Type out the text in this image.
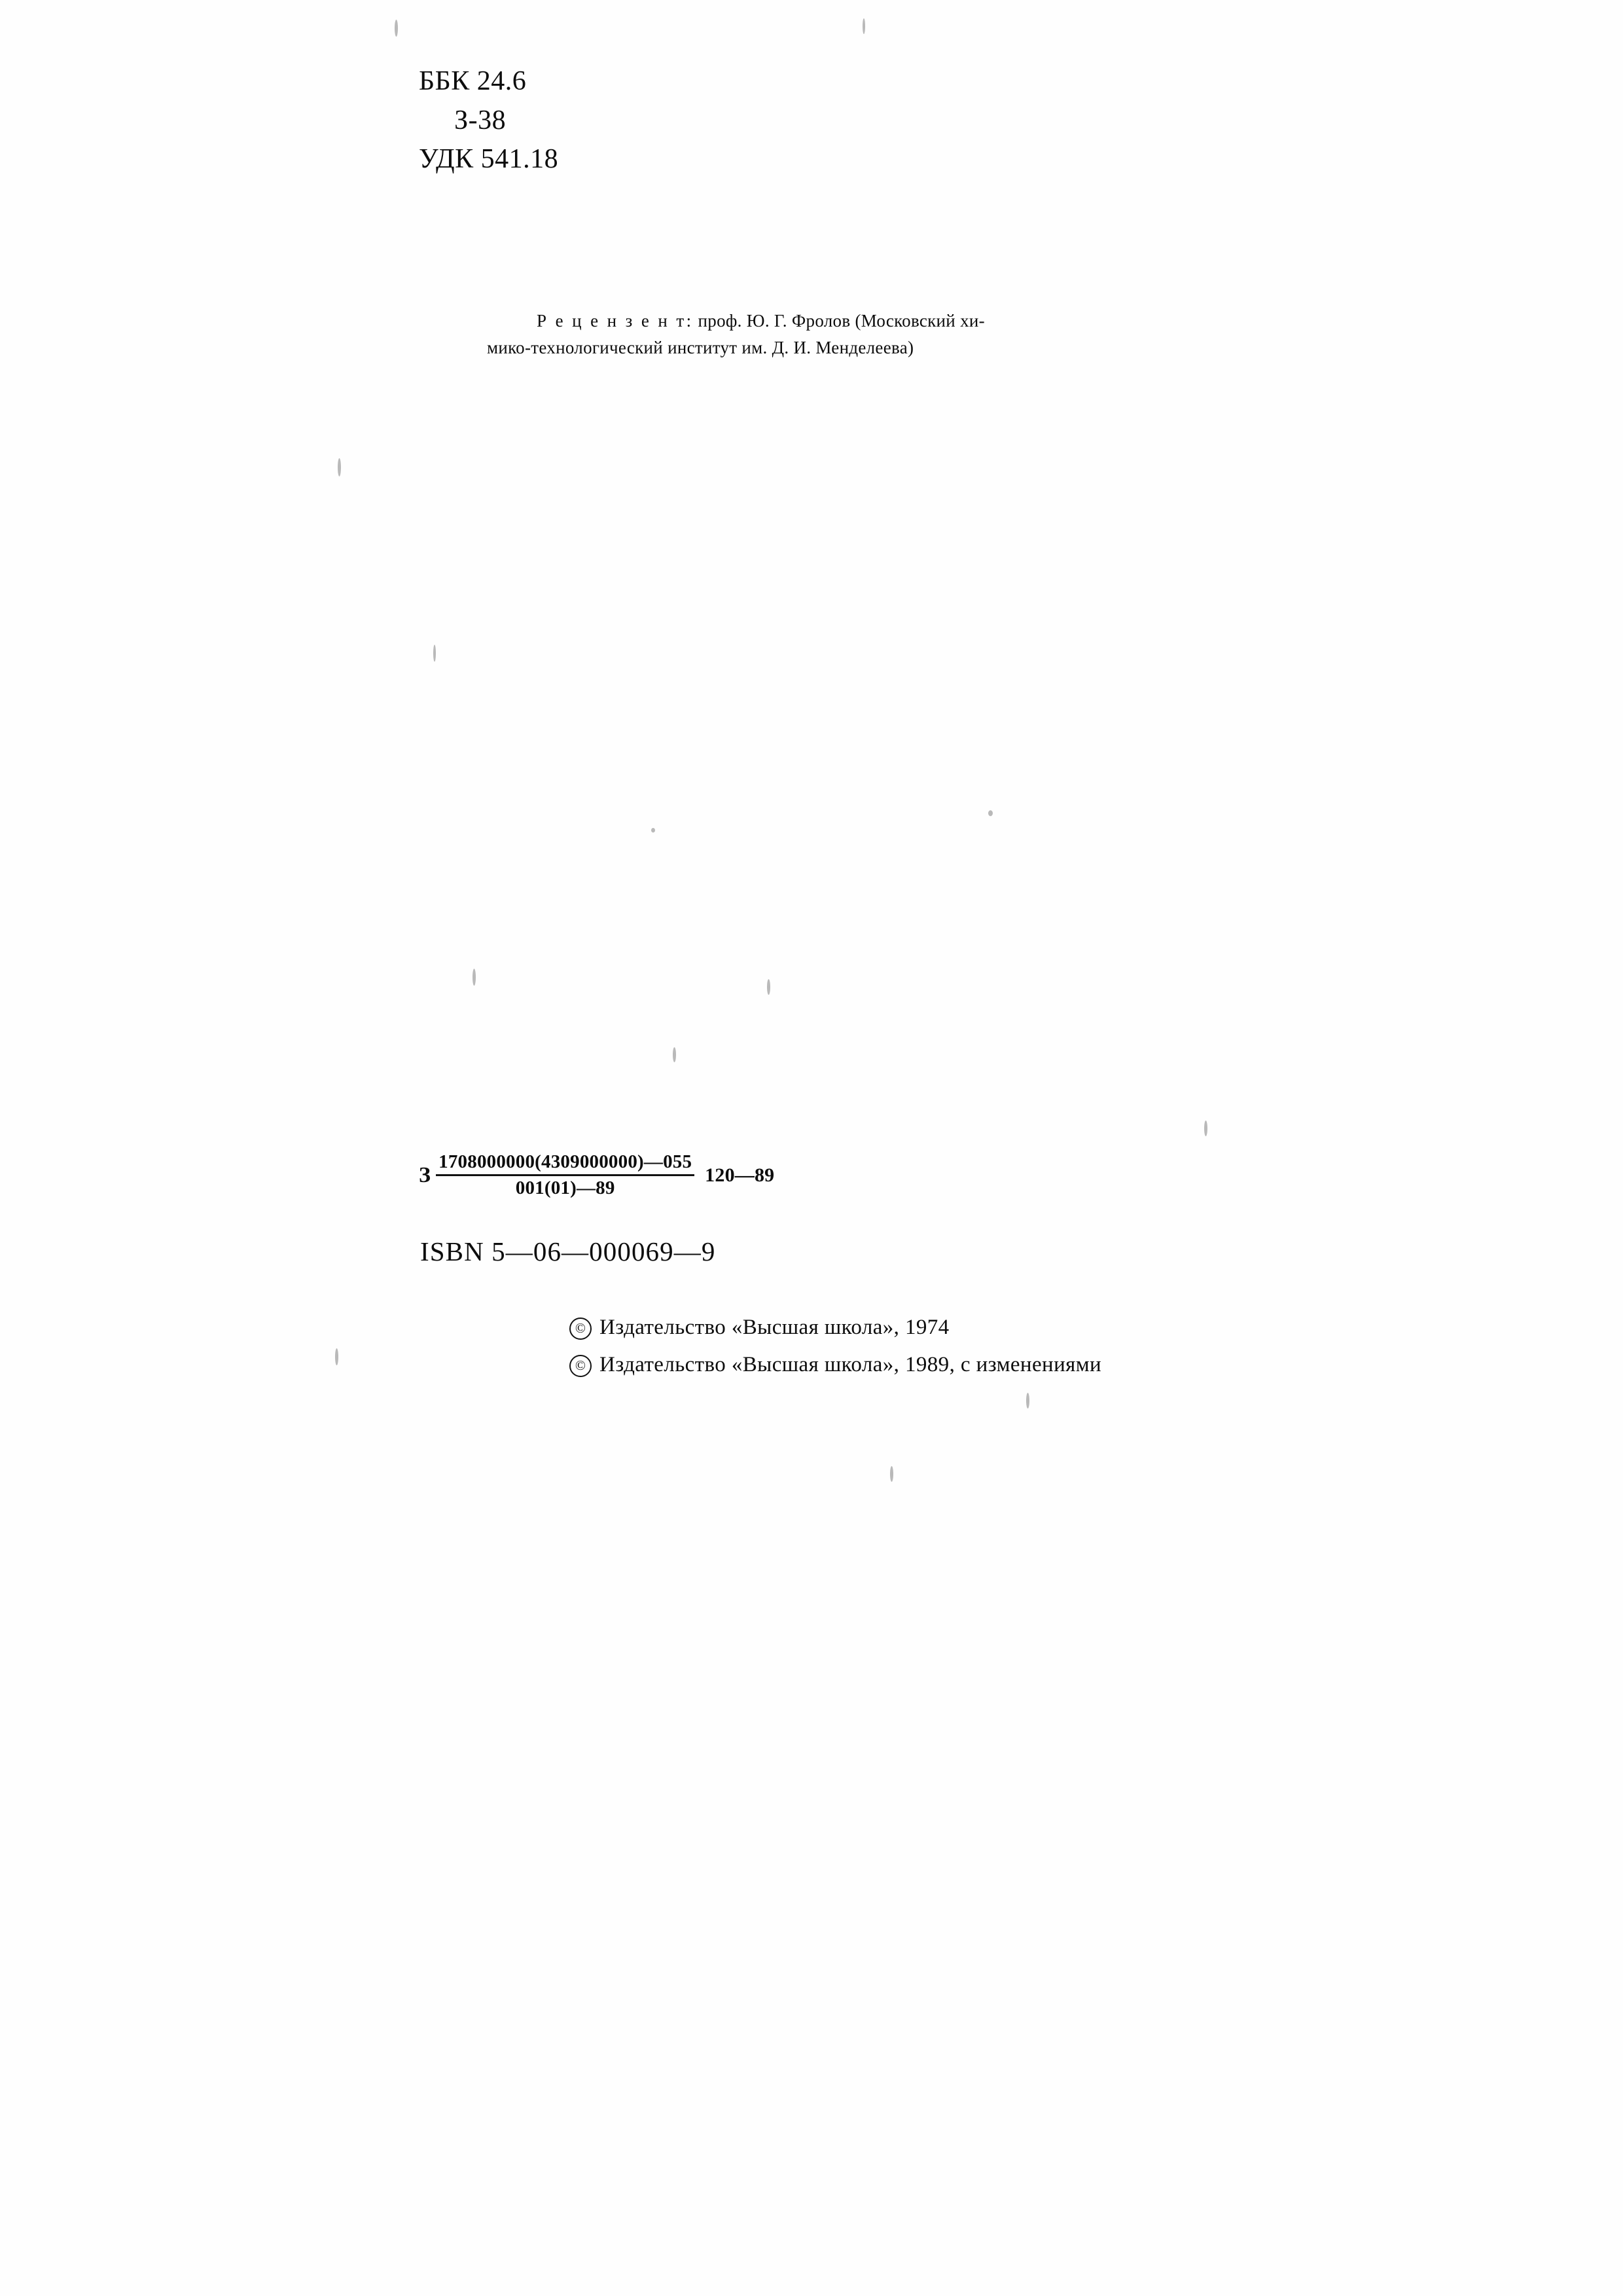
ББК 24.6
З-38
УДК 541.18
Р е ц е н з е н т: проф. Ю. Г. Фролов (Московский хи-
мико-технологический институт им. Д. И. Менделеева)
З $\frac{1708000000(4309000000)—055}{001(01)—89}$ 120—89
ISBN 5—06—000069—9
© Издательство «Высшая школа», 1974
© Издательство «Высшая школа», 1989, с изменениями
